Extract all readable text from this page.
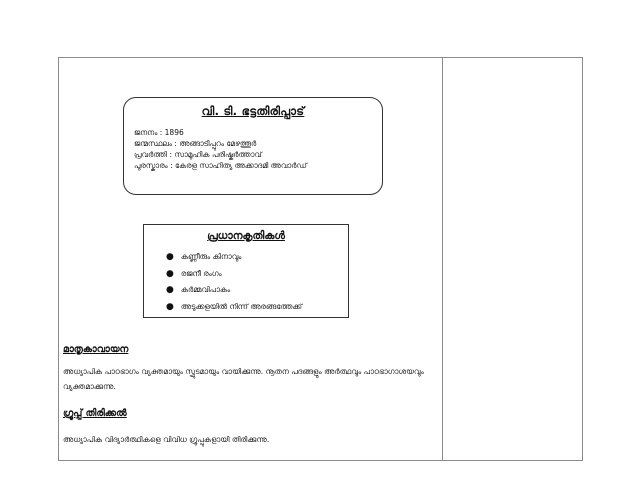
വി. ടി. ഭട്ടതിരിപ്പാട്
ജനനം : 1896
ജന്മസ്ഥലം : അങ്ങാടിപ്പുറം മേഴത്തൂര്‍
പ്രവര്‍ത്തി : സാമൂഹിക പരിഷ്കര്‍ത്താവ്
പുരസ്കാരം : കേരള സാഹിത്യ അക്കാദമി അവാര്‍ഡ്
പ്രധാനകൃതികള്‍
● കണ്ണീരും കിനാവും
● രജനീ രംഗം
● കര്‍മ്മവിപാകം
● അടുക്കളയില്‍ നിന്ന് അരങ്ങത്തേക്ക്
മാതൃകാവായന
അധ്യാപിക പാഠഭാഗം വ്യക്തമായും സ്ഫുടമായും വായിക്കുന്നു. നൂതന പദങ്ങളും അര്‍ത്ഥവും പാഠഭാഗാശയവും വ്യക്തമാക്കുന്നു.
ഗ്രൂപ്പ് തിരിക്കല്‍
അധ്യാപിക വിദ്യാര്‍ത്ഥികളെ വിവിധ ഗ്രൂപ്പുകളായി തിരിക്കുന്നു.
